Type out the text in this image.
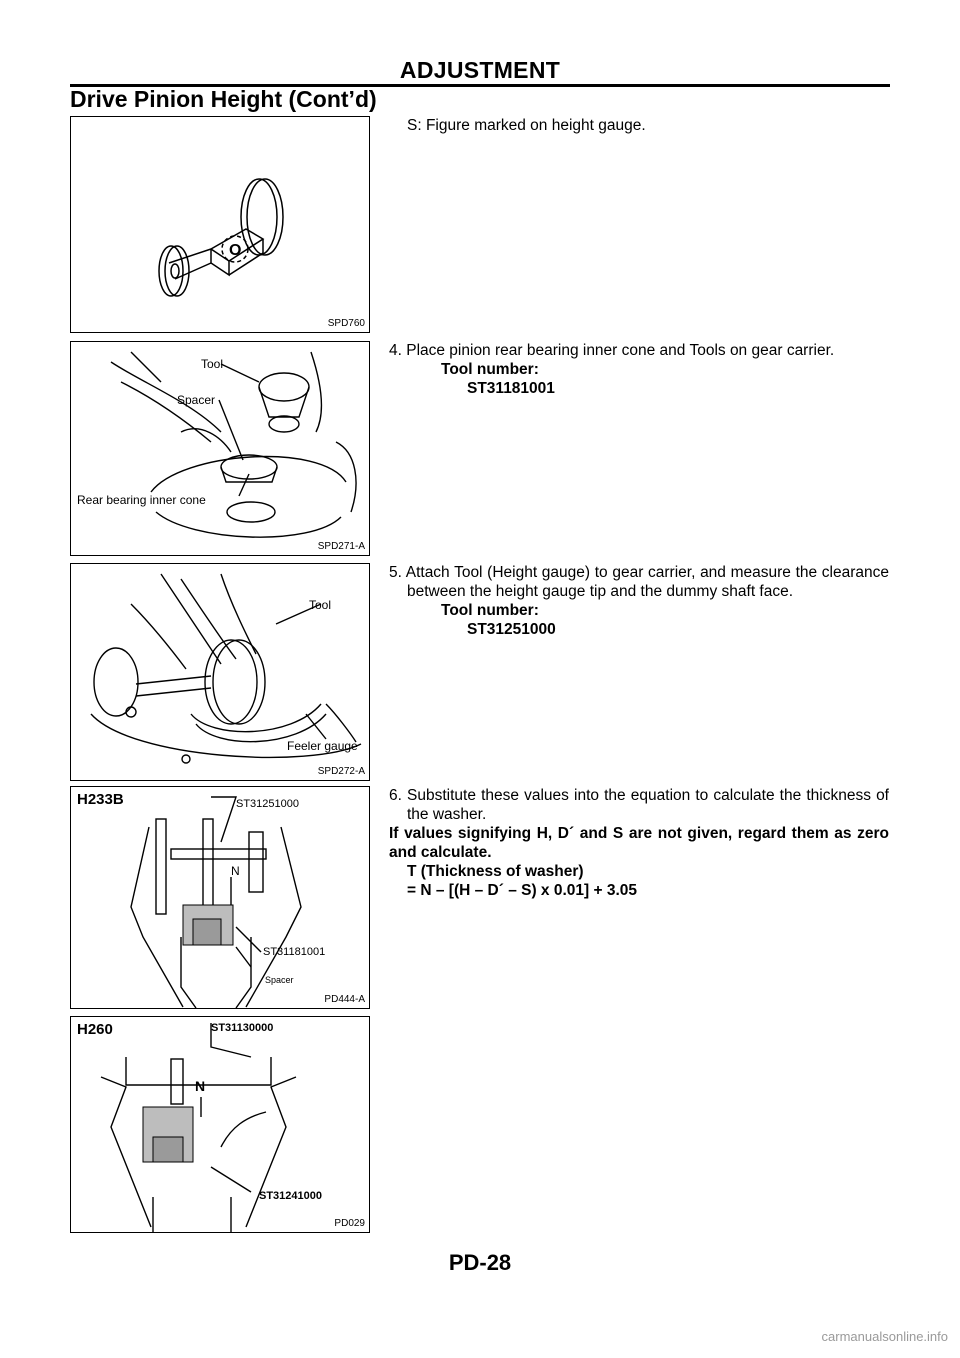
ADJUSTMENT
Drive Pinion Height (Cont’d)
O
SPD760
Tool
Spacer
Rear bearing inner cone
SPD271-A
Tool
Feeler gauge
SPD272-A
H233B	ST31251000
N
ST31181001
Spacer
PD444-A
H260	ST31130000
N
ST31241000
PD029

S: Figure marked on height gauge.

4. Place pinion rear bearing inner cone and Tools on gear carrier.

Tool number:

ST31181001

5. Attach Tool (Height gauge) to gear carrier, and measure the clearance between the height gauge tip and the dummy shaft face.

Tool number:

ST31251000

6. Substitute these values into the equation to calculate the thickness of the washer.

If values signifying H, D´ and S are not given, regard them as zero and calculate.

T (Thickness of washer)

= N – [(H – D´ – S) x 0.01] + 3.05

PD-28
carmanualsonline.info
